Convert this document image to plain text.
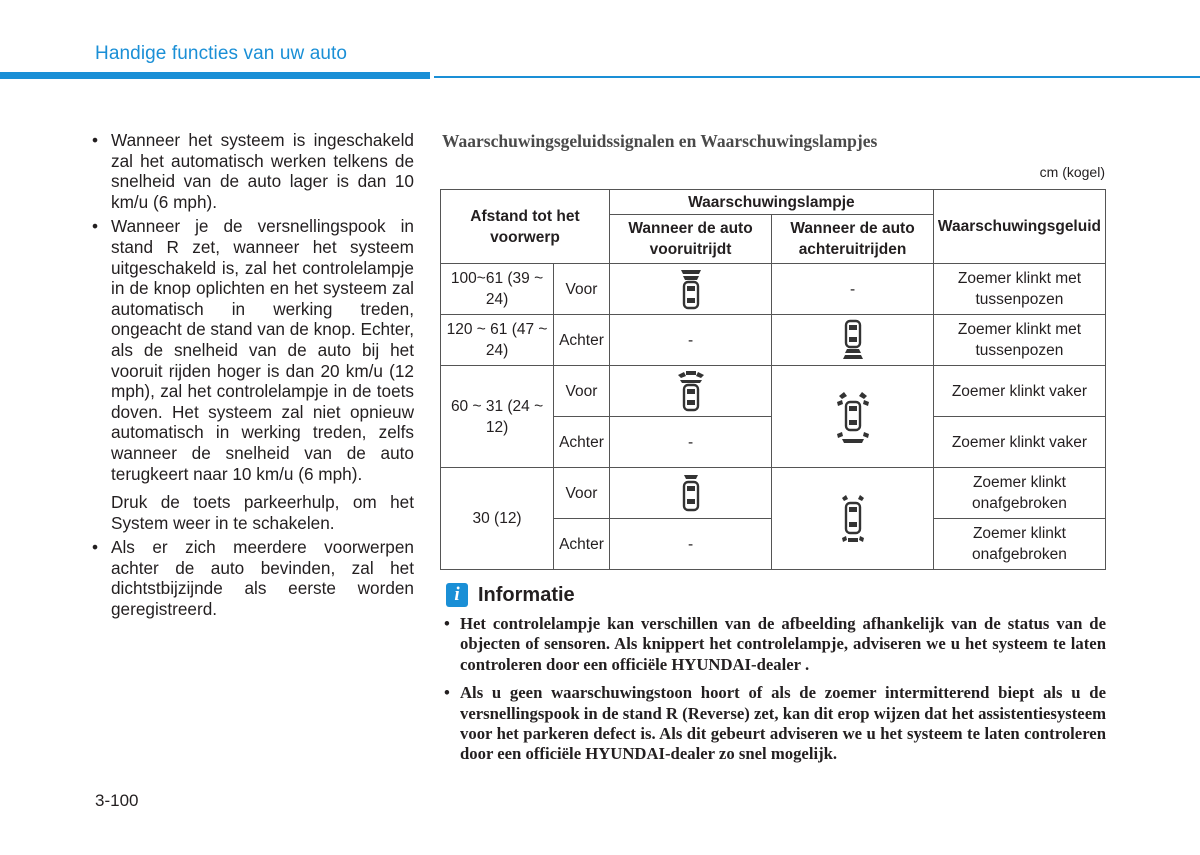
Handige functies van uw auto
• Wanneer het systeem is ingeschakeld zal het automatisch werken telkens de snelheid van de auto lager is dan 10 km/u (6 mph).
• Wanneer je de versnellingspook in stand R zet, wanneer het systeem uitgeschakeld is, zal het controlelampje in de knop oplichten en het systeem zal automatisch in werking treden, ongeacht de stand van de knop. Echter, als de snelheid van de auto bij het vooruit rijden hoger is dan 20 km/u (12 mph), zal het controlelampje in de toets doven. Het systeem zal niet opnieuw automatisch in werking treden, zelfs wanneer de snelheid van de auto terugkeert naar 10 km/u (6 mph).
Druk de toets parkeerhulp, om het System weer in te schakelen.
• Als er zich meerdere voorwerpen achter de auto bevinden, zal het dichtstbijzijnde als eerste worden geregistreerd.
Waarschuwingsgeluidssignalen en Waarschuwingslampjes
cm (kogel)
Afstand tot het voorwerp		Waarschuwingslampje		Waarschuwingsgeluid
		Wanneer de auto vooruitrijdt	Wanneer de auto achteruitrijden	
100~61 (39 ~ 24)	Voor		-	Zoemer klinkt met tussenpozen
120 ~ 61 (47 ~ 24)	Achter	-		Zoemer klinkt met tussenpozen
60 ~ 31 (24 ~ 12)	Voor			Zoemer klinkt vaker
	Achter	-		Zoemer klinkt vaker
30 (12)	Voor			Zoemer klinkt onafgebroken
	Achter	-		Zoemer klinkt onafgebroken
i Informatie
• Het controlelampje kan verschillen van de afbeelding afhankelijk van de status van de objecten of sensoren. Als knippert het controlelampje, adviseren we u het systeem te laten controleren door een officiële HYUNDAI-dealer .
• Als u geen waarschuwingstoon hoort of als de zoemer intermitterend biept als u de versnellingspook in de stand R (Reverse) zet, kan dit erop wijzen dat het assistentiesysteem voor het parkeren defect is. Als dit gebeurt adviseren we u het systeem te laten controleren door een officiële HYUNDAI-dealer zo snel mogelijk.
3-100
